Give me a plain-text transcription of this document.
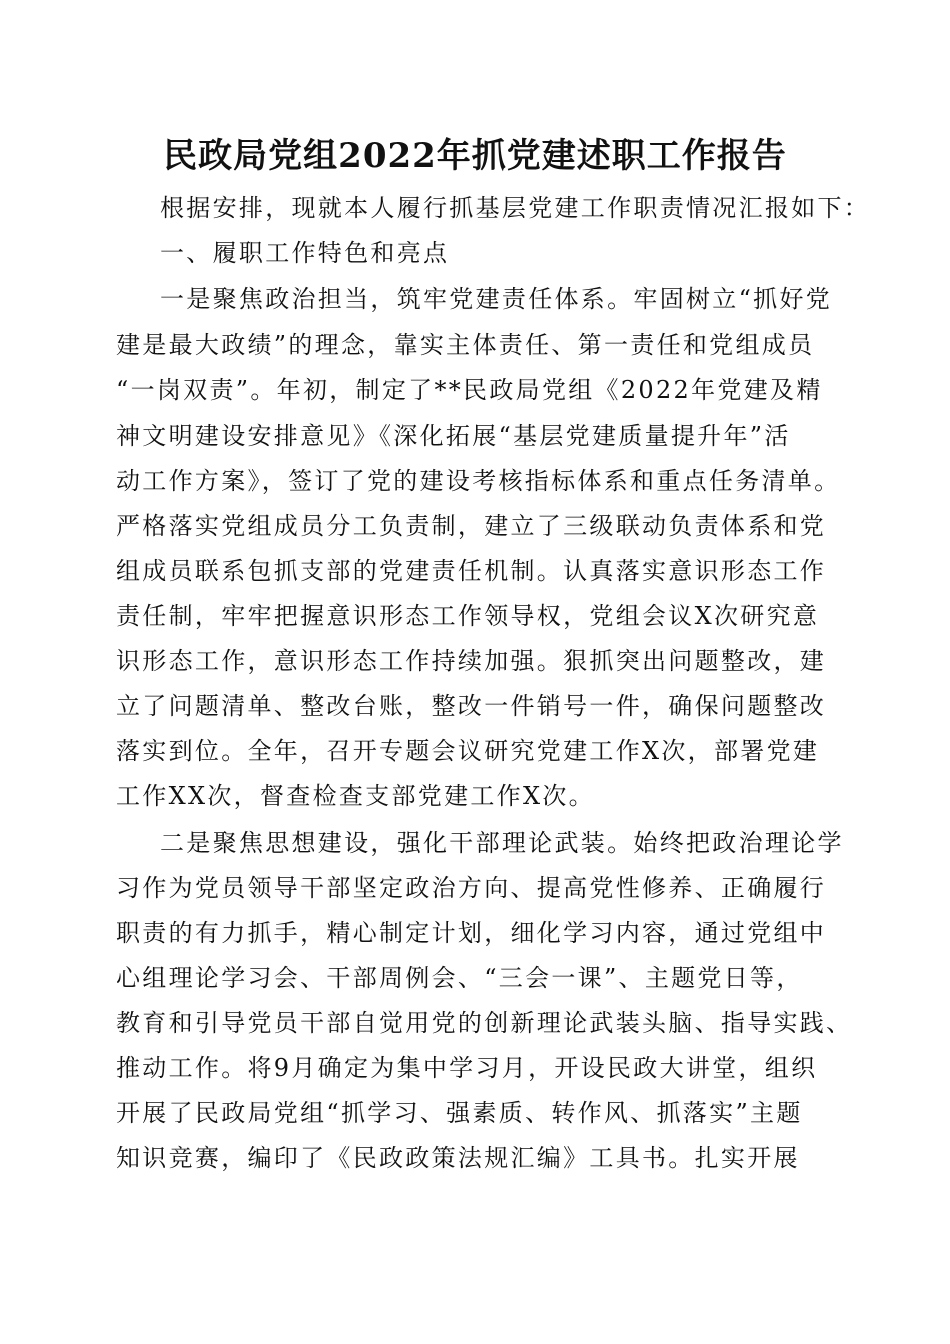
民政局党组2022年抓党建述职工作报告
根据安排，现就本人履行抓基层党建工作职责情况汇报如下：
一、履职工作特色和亮点
一是聚焦政治担当，筑牢党建责任体系。牢固树立“抓好党
建是最大政绩”的理念，靠实主体责任、第一责任和党组成员
“一岗双责”。年初，制定了**民政局党组《2022年党建及精
神文明建设安排意见》《深化拓展“基层党建质量提升年”活
动工作方案》，签订了党的建设考核指标体系和重点任务清单。
严格落实党组成员分工负责制，建立了三级联动负责体系和党
组成员联系包抓支部的党建责任机制。认真落实意识形态工作
责任制，牢牢把握意识形态工作领导权，党组会议X次研究意
识形态工作，意识形态工作持续加强。狠抓突出问题整改，建
立了问题清单、整改台账，整改一件销号一件，确保问题整改
落实到位。全年，召开专题会议研究党建工作X次，部署党建
工作XX次，督查检查支部党建工作X次。
二是聚焦思想建设，强化干部理论武装。始终把政治理论学
习作为党员领导干部坚定政治方向、提高党性修养、正确履行
职责的有力抓手，精心制定计划，细化学习内容，通过党组中
心组理论学习会、干部周例会、“三会一课”、主题党日等，
教育和引导党员干部自觉用党的创新理论武装头脑、指导实践、
推动工作。将9月确定为集中学习月，开设民政大讲堂，组织
开展了民政局党组“抓学习、强素质、转作风、抓落实”主题
知识竞赛，编印了《民政政策法规汇编》工具书。扎实开展
